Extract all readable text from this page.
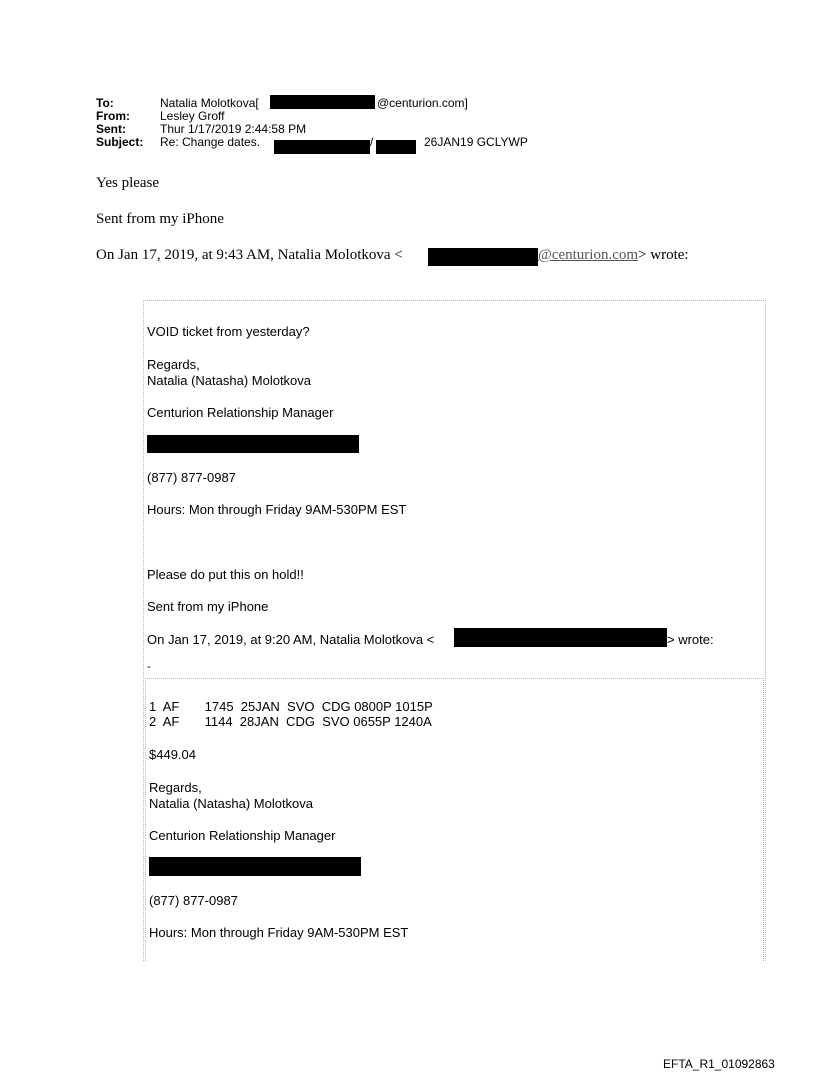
To:	Natalia Molotkova[	@centurion.com]
From:	Lesley Groff
Sent:	Thur 1/17/2019 2:44:58 PM
Subject: Re: Change dates.	/	26JAN19 GCLYWP
Yes please
Sent from my iPhone
On Jan 17, 2019, at 9:43 AM, Natalia Molotkova <	@centurion.com> wrote:
VOID ticket from yesterday?
Regards,
Natalia (Natasha) Molotkova
Centurion Relationship Manager
(877) 877-0987
Hours: Mon through Friday 9AM-530PM EST
Please do put this on hold!!
Sent from my iPhone
On Jan 17, 2019, at 9:20 AM, Natalia Molotkova <	> wrote:
-
1  AF       1745  25JAN  SVO  CDG 0800P 1015P
2  AF       1144  28JAN  CDG  SVO 0655P 1240A
$449.04
Regards,
Natalia (Natasha) Molotkova
Centurion Relationship Manager
(877) 877-0987
Hours: Mon through Friday 9AM-530PM EST
EFTA_R1_01092863
